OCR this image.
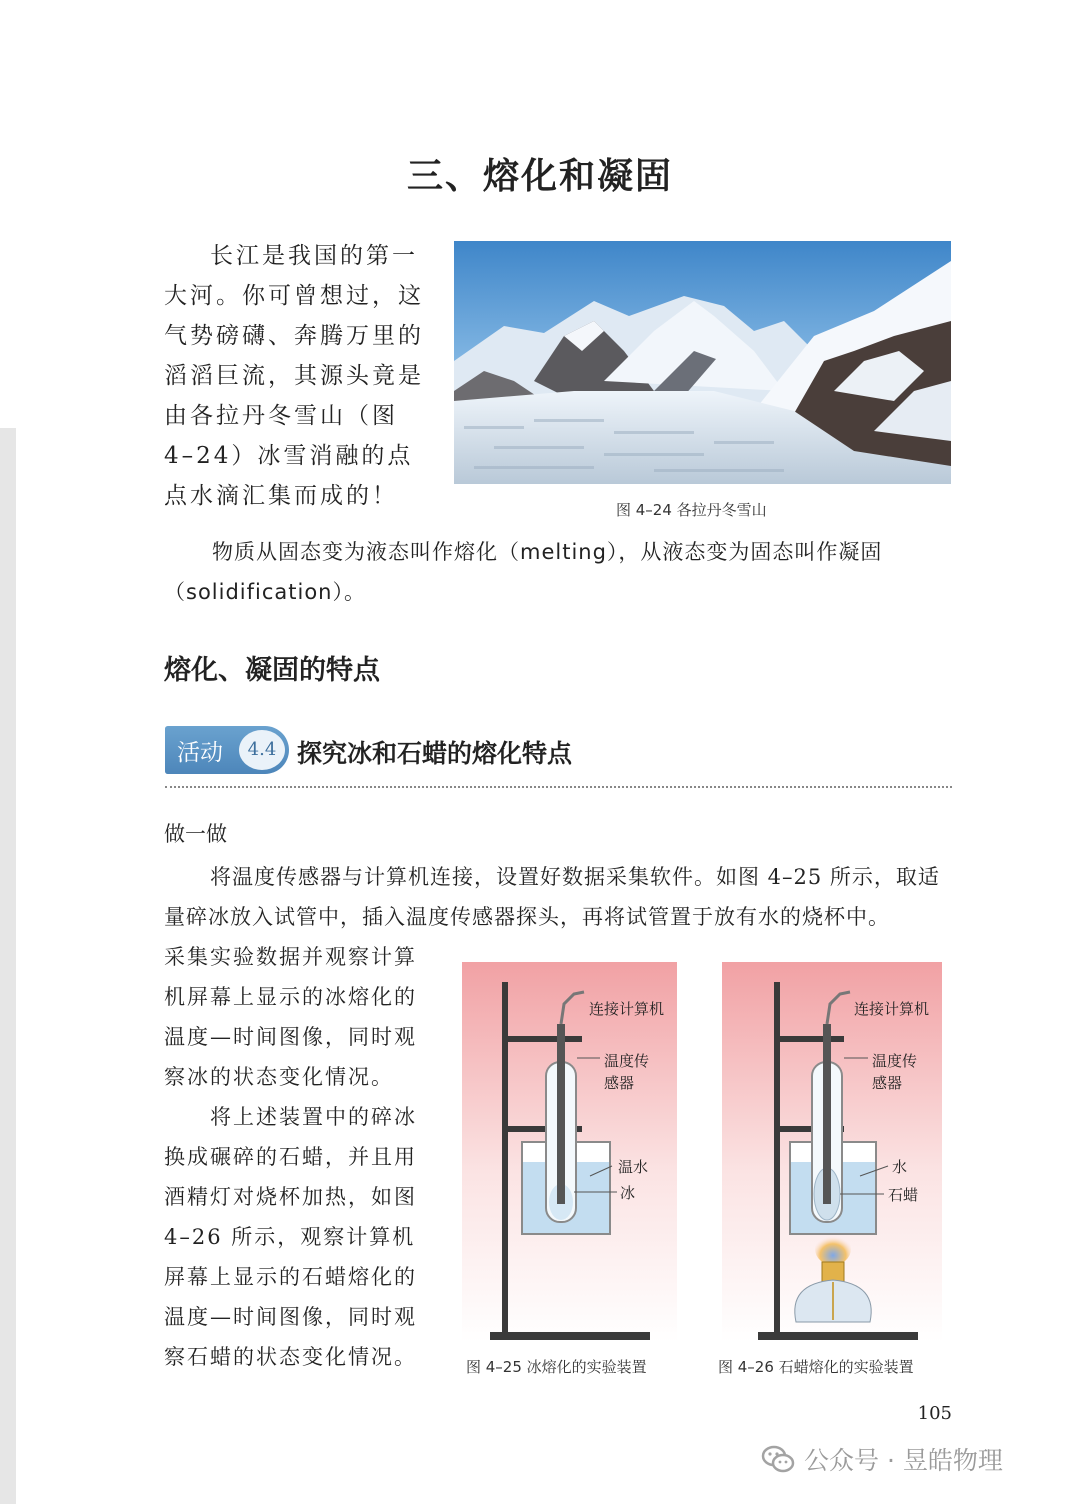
三、熔化和凝固

长江是我国的第一大河。你可曾想过，这气势磅礴、奔腾万里的滔滔巨流，其源头竟是由各拉丹冬雪山（图 4–24）冰雪消融的点点水滴汇集而成的！

图 4–24 各拉丹冬雪山

物质从固态变为液态叫作熔化（melting），从液态变为固态叫作凝固（solidification）。

熔化、凝固的特点
活动	4.4 探究冰和石蜡的熔化特点
做一做

将温度传感器与计算机连接，设置好数据采集软件。如图 4–25 所示，取适量碎冰放入试管中，插入温度传感器探头，再将试管置于放有水的烧杯中。

采集实验数据并观察计算机屏幕上显示的冰熔化的温度—时间图像，同时观察冰的状态变化情况。

将上述装置中的碎冰换成碾碎的石蜡，并且用酒精灯对烧杯加热，如图 4–26 所示，观察计算机屏幕上显示的石蜡熔化的温度—时间图像，同时观察石蜡的状态变化情况。

连接计算机
温度传
感器
温水
冰
图 4–25 冰熔化的实验装置
连接计算机
温度传
感器
水
石蜡
图 4–26 石蜡熔化的实验装置
105
公众号 · 昱皓物理
